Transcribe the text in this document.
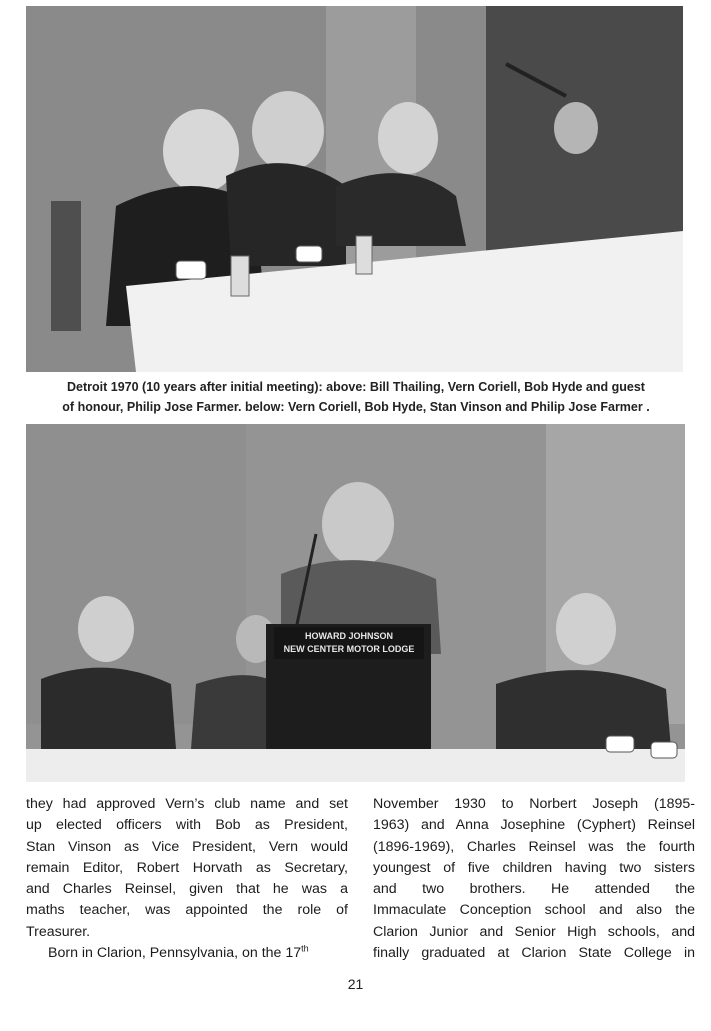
Detroit 1970 (10 years after initial meeting): above: Bill Thailing, Vern Coriell, Bob Hyde and guest
of honour, Philip Jose Farmer. below: Vern Coriell, Bob Hyde, Stan Vinson and Philip Jose Farmer .
HOWARD JOHNSON
NEW CENTER MOTOR LODGE
they had approved Vern’s club name and set
up elected officers with Bob as President,
Stan Vinson as Vice President, Vern would
remain Editor, Robert Horvath as Secretary,
and Charles Reinsel, given that he was a
maths teacher, was appointed the role of
Treasurer.
Born in Clarion, Pennsylvania, on the 17th
November 1930 to Norbert Joseph (1895-
1963) and Anna Josephine (Cyphert) Reinsel
(1896-1969), Charles Reinsel was the fourth
youngest of five children having two sisters
and two brothers. He attended the
Immaculate Conception school and also the
Clarion Junior and Senior High schools, and
finally graduated at Clarion State College in
21
